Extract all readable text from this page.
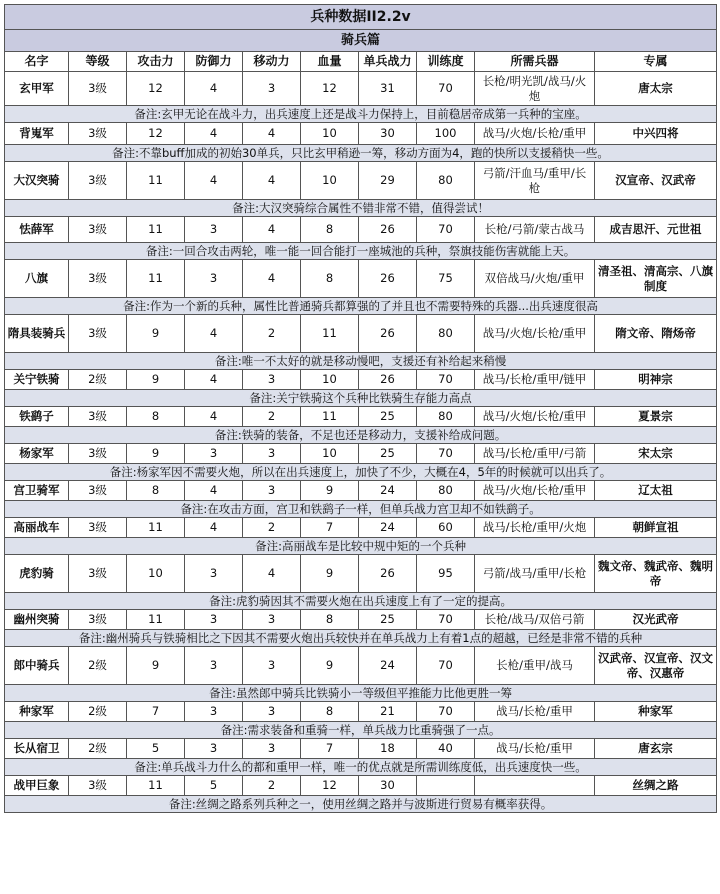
兵种数据II2.2v									
骑兵篇									
名字	等级	攻击力	防御力	移动力	血量	单兵战力	训练度	所需兵器	专属
玄甲军	3级	12	4	3	12	31	70	长枪/明光凯/战马/火炮	唐太宗
备注:玄甲无论在战斗力，出兵速度上还是战斗力保持上，目前稳居帝成第一兵种的宝座。									
背嵬军	3级	12	4	4	10	30	100	战马/火炮/长枪/重甲	中兴四将
备注:不靠buff加成的初始30单兵，只比玄甲稍逊一筹，移动方面为4，跑的快所以支援稍快一些。									
大汉突骑	3级	11	4	4	10	29	80	弓箭/汗血马/重甲/长枪	汉宣帝、汉武帝
备注:大汉突骑综合属性不错非常不错，值得尝试！									
怯薛军	3级	11	3	4	8	26	70	长枪/弓箭/蒙古战马	成吉思汗、元世祖
备注:一回合攻击两轮，唯一能一回合能打一座城池的兵种，祭旗技能伤害就能上天。									
八旗	3级	11	3	4	8	26	75	双倍战马/火炮/重甲	清圣祖、清高宗、八旗制度
备注:作为一个新的兵种，属性比普通骑兵都算强的了并且也不需要特殊的兵器...出兵速度很高									
隋具装骑兵	3级	9	4	2	11	26	80	战马/火炮/长枪/重甲	隋文帝、隋炀帝
备注:唯一不太好的就是移动慢吧，支援还有补给起来稍慢									
关宁铁骑	2级	9	4	3	10	26	70	战马/长枪/重甲/链甲	明神宗
备注:关宁铁骑这个兵种比铁骑生存能力高点									
铁鹞子	3级	8	4	2	11	25	80	战马/火炮/长枪/重甲	夏景宗
备注:铁骑的装备，不足也还是移动力，支援补给成问题。									
杨家军	3级	9	3	3	10	25	70	战马/长枪/重甲/弓箭	宋太宗
备注:杨家军因不需要火炮，所以在出兵速度上，加快了不少，大概在4，5年的时候就可以出兵了。									
宫卫骑军	3级	8	4	3	9	24	80	战马/火炮/长枪/重甲	辽太祖
备注:在攻击方面，宫卫和铁鹞子一样，但单兵战力宫卫却不如铁鹞子。									
高丽战车	3级	11	4	2	7	24	60	战马/长枪/重甲/火炮	朝鲜宣祖
备注:高丽战车是比较中规中矩的一个兵种									
虎豹骑	3级	10	3	4	9	26	95	弓箭/战马/重甲/长枪	魏文帝、魏武帝、魏明帝
备注:虎豹骑因其不需要火炮在出兵速度上有了一定的提高。									
幽州突骑	3级	11	3	3	8	25	70	长枪/战马/双倍弓箭	汉光武帝
备注:幽州骑兵与铁骑相比之下因其不需要火炮出兵较快并在单兵战力上有着1点的超越，已经是非常不错的兵种									
郎中骑兵	2级	9	3	3	9	24	70	长枪/重甲/战马	汉武帝、汉宣帝、汉文帝、汉惠帝
备注:虽然郎中骑兵比铁骑小一等级但平推能力比他更胜一筹									
种家军	2级	7	3	3	8	21	70	战马/长枪/重甲	种家军
备注:需求装备和重骑一样，单兵战力比重骑强了一点。									
长从宿卫	2级	5	3	3	7	18	40	战马/长枪/重甲	唐玄宗
备注:单兵战斗力什么的都和重甲一样，唯一的优点就是所需训练度低，出兵速度快一些。									
战甲巨象	3级	11	5	2	12	30			丝绸之路
备注:丝绸之路系列兵种之一，使用丝绸之路并与波斯进行贸易有概率获得。									
